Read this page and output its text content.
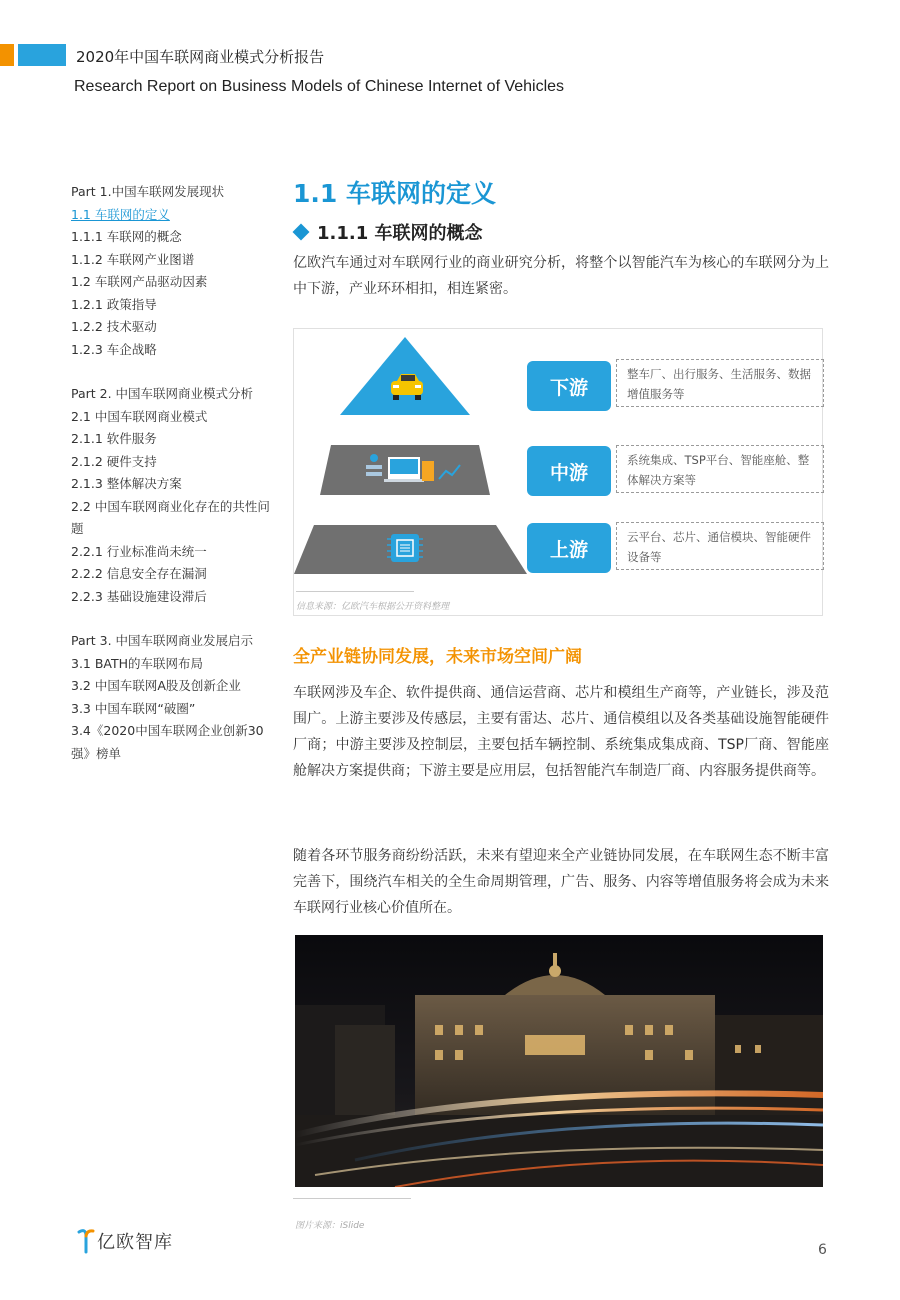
2020年中国车联网商业模式分析报告
Research Report on Business Models of Chinese Internet of Vehicles
Part 1.中国车联网发展现状
1.1 车联网的定义
1.1.1 车联网的概念
1.1.2 车联网产业图谱
1.2 车联网产品驱动因素
1.2.1 政策指导
1.2.2 技术驱动
1.2.3 车企战略
Part 2. 中国车联网商业模式分析
2.1 中国车联网商业模式
2.1.1 软件服务
2.1.2 硬件支持
2.1.3 整体解决方案
2.2 中国车联网商业化存在的共性问题
2.2.1 行业标准尚未统一
2.2.2 信息安全存在漏洞
2.2.3 基础设施建设滞后
Part 3. 中国车联网商业发展启示
3.1 BATH的车联网布局
3.2 中国车联网A股及创新企业
3.3 中国车联网“破圈”
3.4《2020中国车联网企业创新30强》榜单
1.1 车联网的定义
1.1.1 车联网的概念

亿欧汽车通过对车联网行业的商业研究分析，将整个以智能汽车为核心的车联网分为上中下游，产业环环相扣，相连紧密。

下游
整车厂、出行服务、生活服务、数据增值服务等
中游
系统集成、TSP平台、智能座舱、整体解决方案等
上游
云平台、芯片、通信模块、智能硬件设备等
信息来源：亿欧汽车根据公开资料整理
全产业链协同发展，未来市场空间广阔

车联网涉及车企、软件提供商、通信运营商、芯片和模组生产商等，产业链长，涉及范围广。上游主要涉及传感层，主要有雷达、芯片、通信模组以及各类基础设施智能硬件厂商；中游主要涉及控制层，主要包括车辆控制、系统集成集成商、TSP厂商、智能座舱解决方案提供商；下游主要是应用层，包括智能汽车制造厂商、内容服务提供商等。

随着各环节服务商纷纷活跃，未来有望迎来全产业链协同发展，在车联网生态不断丰富完善下，围绕汽车相关的全生命周期管理，广告、服务、内容等增值服务将会成为未来车联网行业核心价值所在。

图片来源：iSlide
亿欧智库	6
